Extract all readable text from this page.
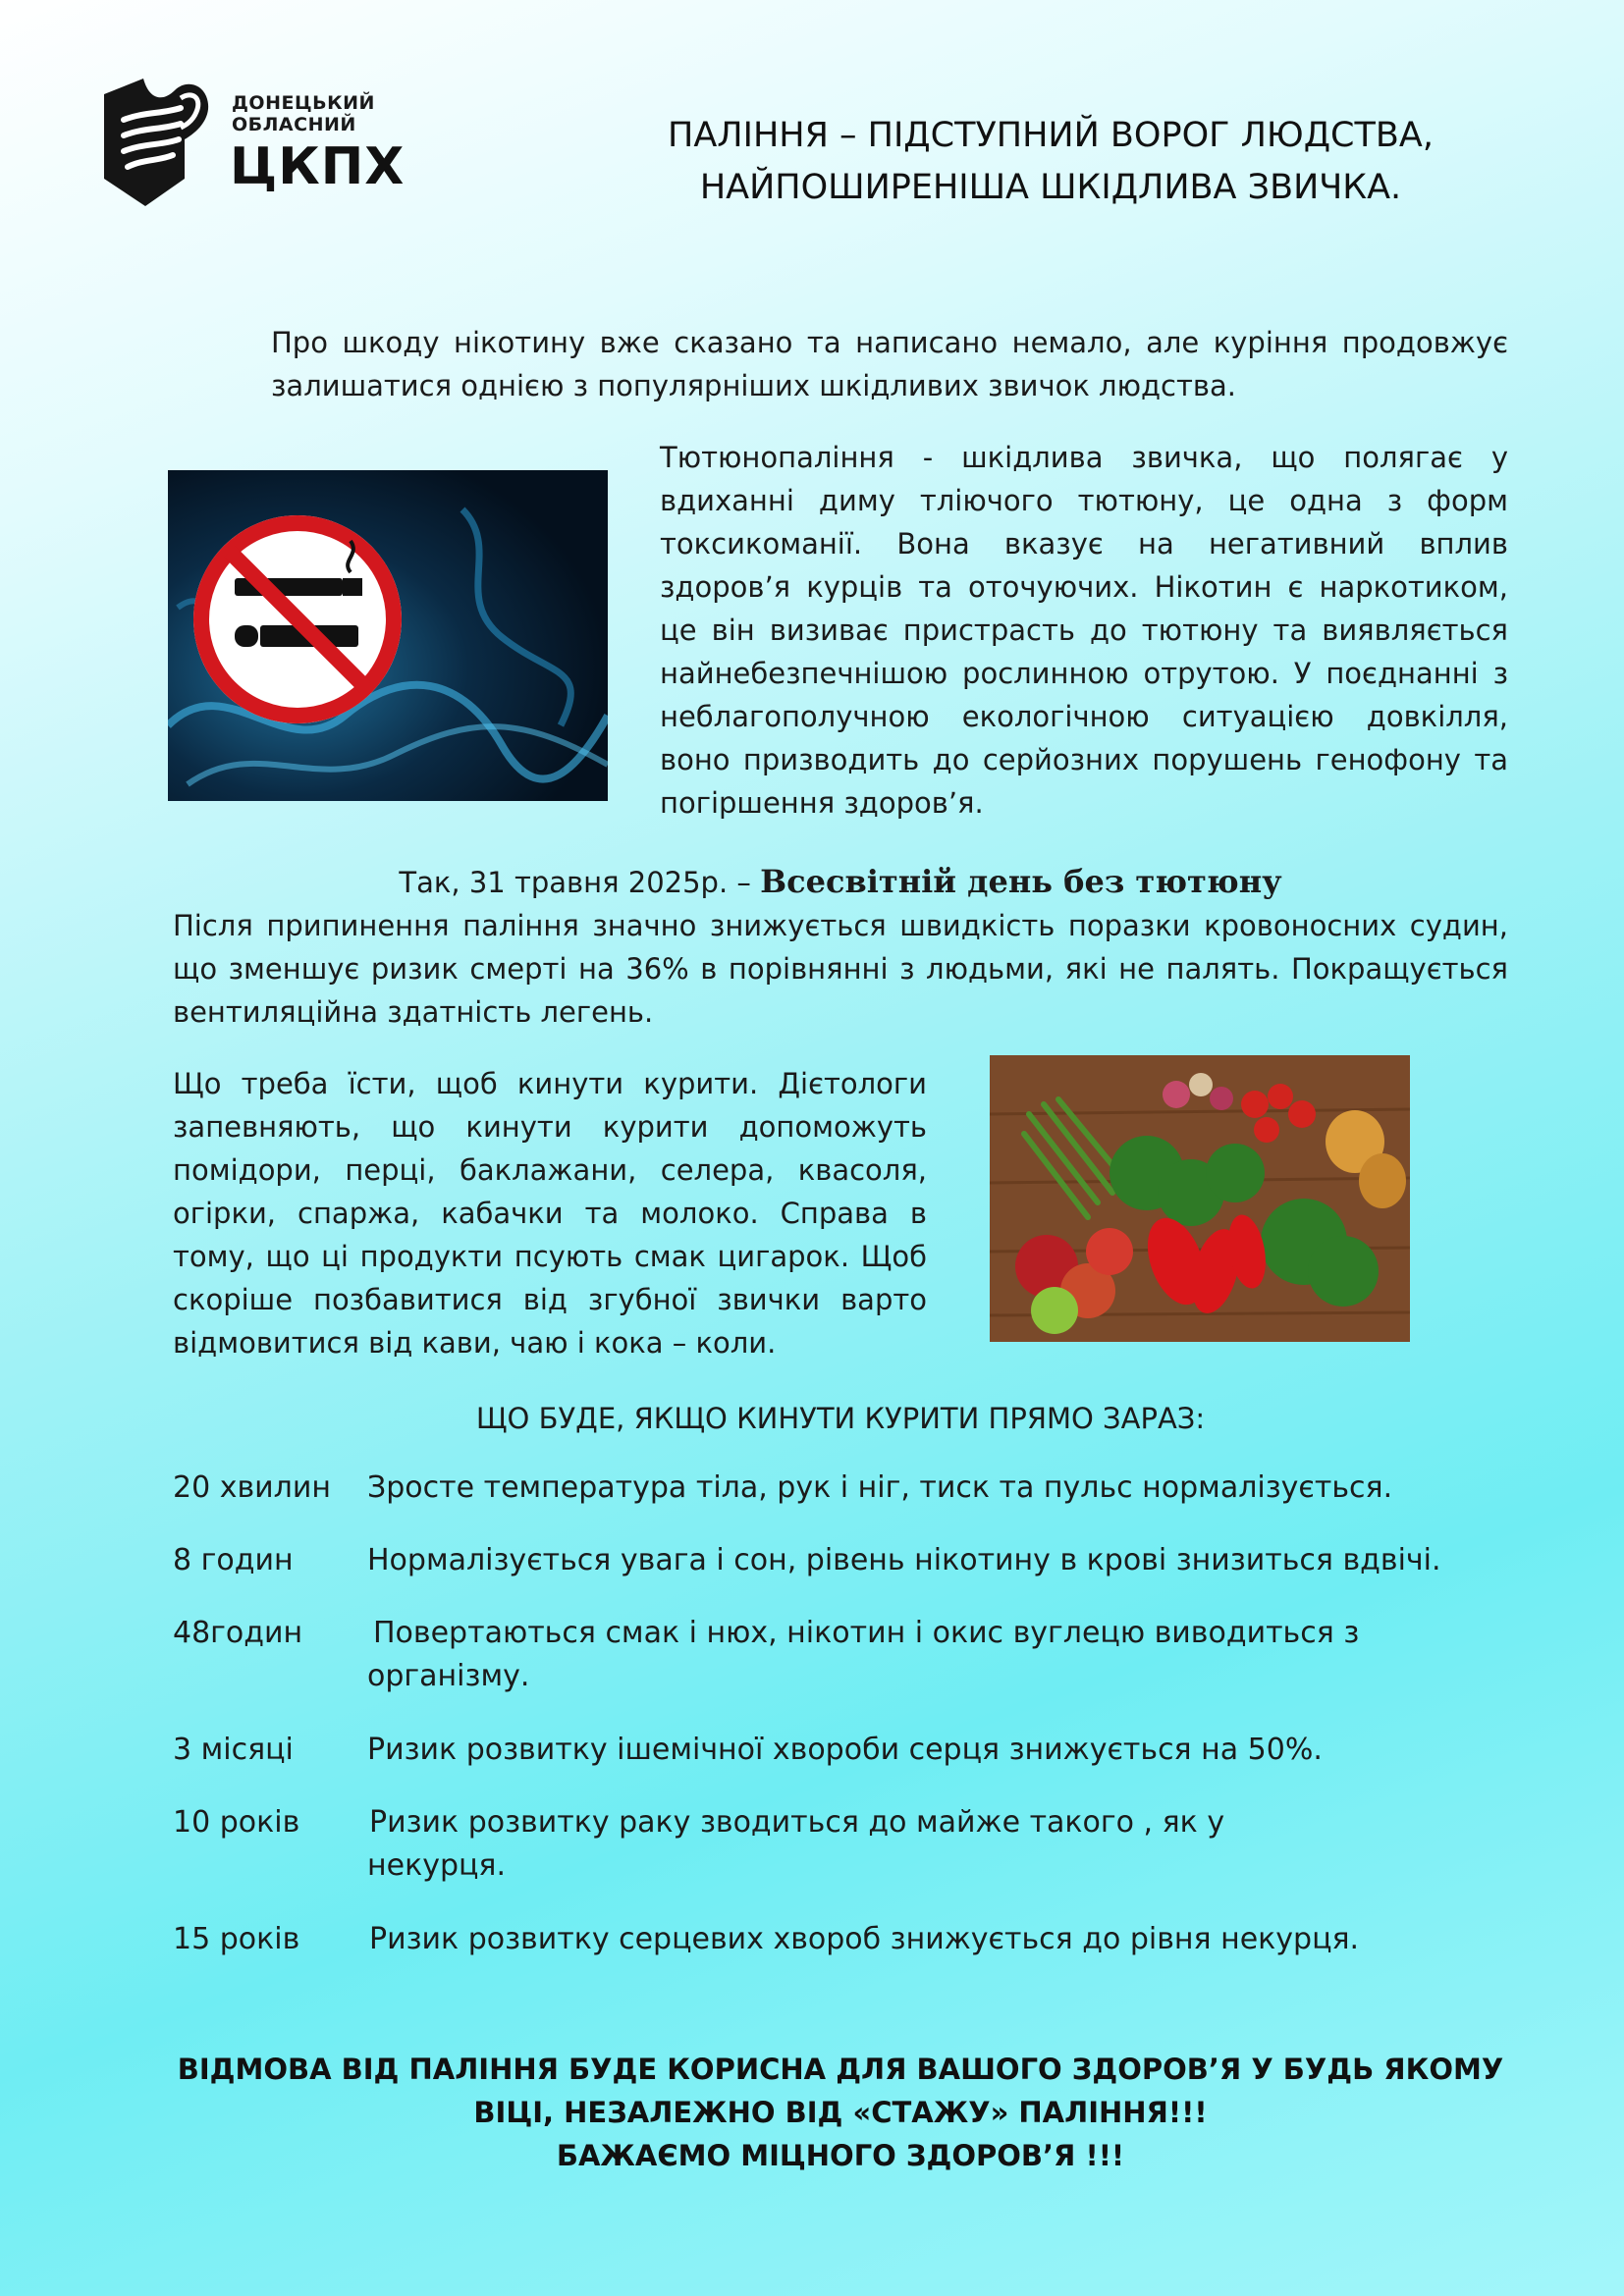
ДОНЕЦЬКИЙ
ОБЛАСНИЙ
ЦКПХ
ПАЛІННЯ – ПІДСТУПНИЙ ВОРОГ ЛЮДСТВА,
НАЙПОШИРЕНІША ШКІДЛИВА ЗВИЧКА.
Про шкоду нікотину вже сказано та написано немало, але куріння продовжує залишатися однією з популярніших шкідливих звичок людства.
Тютюнопаління - шкідлива звичка, що полягає у вдиханні диму тліючого тютюну, це одна з форм токсикоманії. Вона вказує на негативний вплив здоров’я курців та оточуючих. Нікотин є наркотиком, це він визиває пристрасть до тютюну та виявляється найнебезпечнішою рослинною отрутою. У поєднанні з неблагополучною екологічною ситуацією довкілля, воно призводить до серйозних порушень генофону та погіршення здоров’я.
Так, 31 травня 2025р. – Всесвітній день без тютюну
Після припинення паління значно знижується швидкість поразки кровоносних судин, що зменшує ризик смерті на 36% в порівнянні з людьми, які не палять. Покращується вентиляційна здатність легень.
Що треба їсти, щоб кинути курити. Дієтологи запевняють, що кинути курити допоможуть помідори, перці, баклажани, селера, квасоля, огірки, спаржа, кабачки та молоко. Справа в тому, що ці продукти псують смак цигарок. Щоб скоріше позбавитися від згубної звички варто відмовитися від кави, чаю і кока – коли.
ЩО БУДЕ, ЯКЩО КИНУТИ КУРИТИ ПРЯМО ЗАРАЗ:
20 хвилин	Зросте температура тіла, рук і ніг, тиск та пульс нормалізується.
8 годин	Нормалізується увага і сон, рівень нікотину в крові знизиться вдвічі.
48годин	Повертаються смак і нюх, нікотин і окис вуглецю виводиться з
організму.
3 місяці	Ризик розвитку ішемічної хвороби серця знижується на 50%.
10 років	Ризик розвитку раку зводиться до майже такого , як у
некурця.
15 років	Ризик розвитку серцевих хвороб знижується до рівня некурця.
ВІДМОВА ВІД ПАЛІННЯ БУДЕ КОРИСНА ДЛЯ ВАШОГО ЗДОРОВ’Я У БУДЬ ЯКОМУ
ВІЦІ, НЕЗАЛЕЖНО ВІД «СТАЖУ» ПАЛІННЯ!!!
БАЖАЄМО МІЦНОГО ЗДОРОВ’Я !!!
